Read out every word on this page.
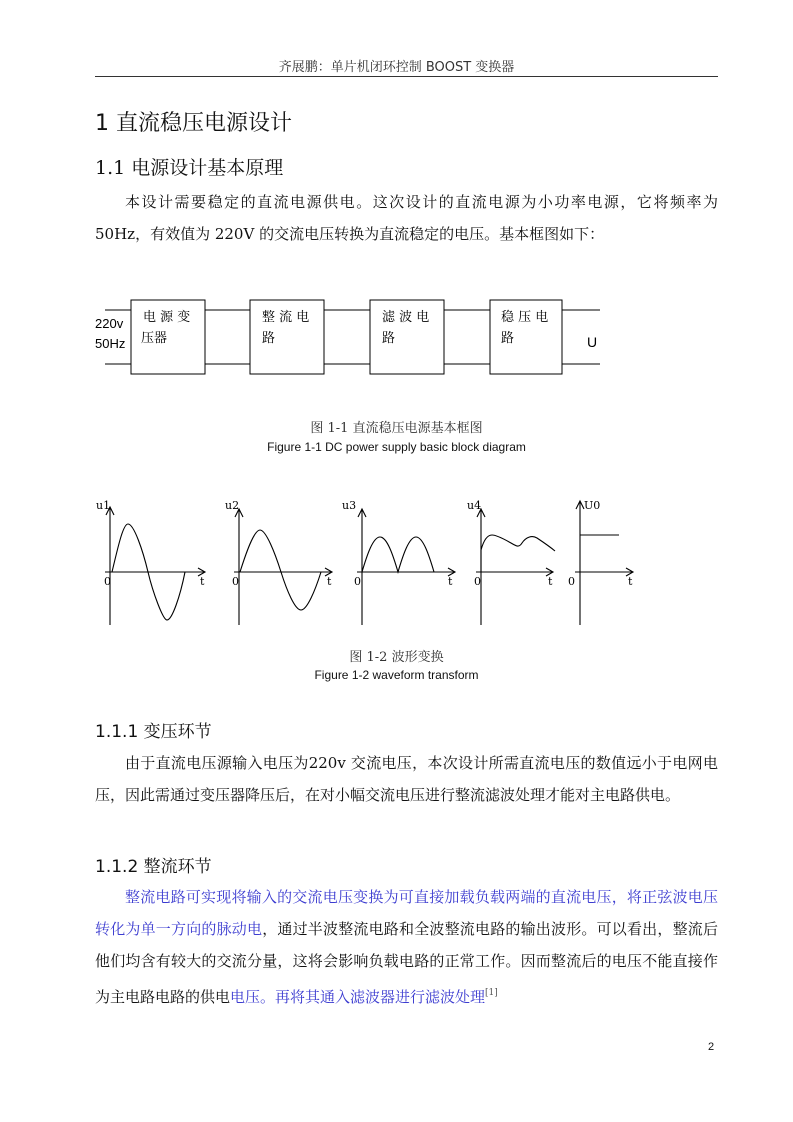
齐展鹏：单片机闭环控制 BOOST 变换器
1 直流稳压电源设计
1.1 电源设计基本原理
本设计需要稳定的直流电源供电。这次设计的直流电源为小功率电源，它将频率为 50Hz，有效值为 220V 的交流电压转换为直流稳定的电压。基本框图如下：
220v
50Hz	U
电 源 变
压器
整 流 电
路
滤 波 电
路
稳 压 电
路
图 1-1 直流稳压电源基本框图
Figure 1-1 DC power supply basic block diagram
u1
0	t
u2
0	t
u3
0	t
u4
0	t
U0
0	t
图 1-2 波形变换
Figure 1-2 waveform transform
1.1.1 变压环节
由于直流电压源输入电压为220v 交流电压，本次设计所需直流电压的数值远小于电网电压，因此需通过变压器降压后，在对小幅交流电压进行整流滤波处理才能对主电路供电。
1.1.2 整流环节
整流电路可实现将输入的交流电压变换为可直接加载负载两端的直流电压，将正弦波电压转化为单一方向的脉动电，通过半波整流电路和全波整流电路的输出波形。可以看出，整流后他们均含有较大的交流分量，这将会影响负载电路的正常工作。因而整流后的电压不能直接作为主电路电路的供电电压。再将其通入滤波器进行滤波处理[1]
2
